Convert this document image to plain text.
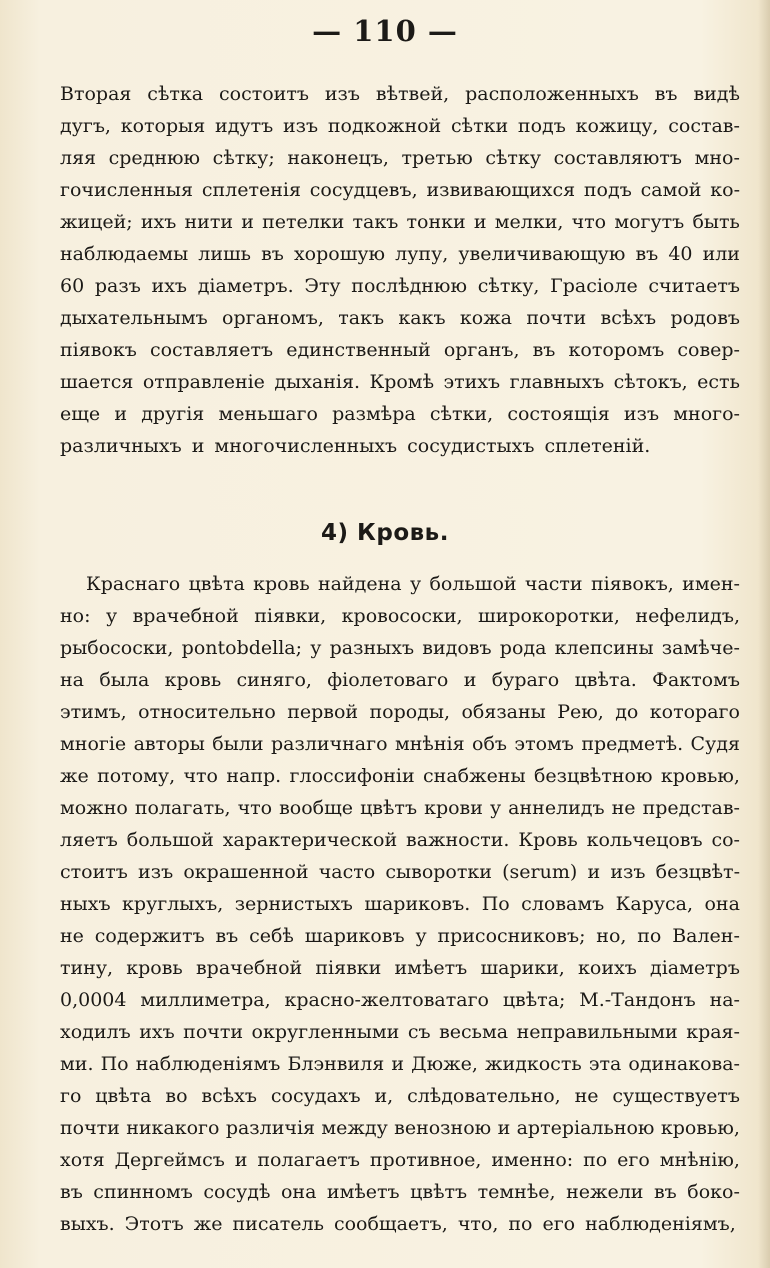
— 110 —
Вторая сѣтка состоитъ изъ вѣтвей, расположенныхъ въ видѣ
дугъ, которыя идутъ изъ подкожной сѣтки подъ кожицу, состав-
ляя среднюю сѣтку; наконецъ, третью сѣтку составляютъ мно-
гочисленныя сплетенія сосудцевъ, извивающихся подъ самой ко-
жицей; ихъ нити и петелки такъ тонки и мелки, что могутъ быть
наблюдаемы лишь въ хорошую лупу, увеличивающую въ 40 или
60 разъ ихъ діаметръ. Эту послѣднюю сѣтку, Грасіоле считаетъ
дыхательнымъ органомъ, такъ какъ кожа почти всѣхъ родовъ
піявокъ составляетъ единственный органъ, въ которомъ совер-
шается отправленіе дыханія. Кромѣ этихъ главныхъ сѣтокъ, есть
еще и другія меньшаго размѣра сѣтки, состоящія изъ много-
различныхъ и многочисленныхъ сосудистыхъ сплетеній.
4) Кровь.
Краснаго цвѣта кровь найдена у большой части піявокъ, имен-
но: у врачебной піявки, кровососки, широкоротки, нефелидъ,
рыбососки, pontobdella; у разныхъ видовъ рода клепсины замѣче-
на была кровь синяго, фіолетоваго и бураго цвѣта. Фактомъ
этимъ, относительно первой породы, обязаны Рею, до котораго
многіе авторы были различнаго мнѣнія объ этомъ предметѣ. Судя
же потому, что напр. глоссифоніи снабжены безцвѣтною кровью,
можно полагать, что вообще цвѣтъ крови у аннелидъ не представ-
ляетъ большой характерической важности. Кровь кольчецовъ со-
стоитъ изъ окрашенной часто сыворотки (serum) и изъ безцвѣт-
ныхъ круглыхъ, зернистыхъ шариковъ. По словамъ Каруса, она
не содержитъ въ себѣ шариковъ у присосниковъ; но, по Вален-
тину, кровь врачебной піявки имѣетъ шарики, коихъ діаметръ
0,0004 миллиметра, красно-желтоватаго цвѣта; М.-Тандонъ на-
ходилъ ихъ почти округленными съ весьма неправильными края-
ми. По наблюденіямъ Блэнвиля и Дюже, жидкость эта одинакова-
го цвѣта во всѣхъ сосудахъ и, слѣдовательно, не существуетъ
почти никакого различія между венозною и артеріальною кровью,
хотя Дергеймсъ и полагаетъ противное, именно: по его мнѣнію,
въ спинномъ сосудѣ она имѣетъ цвѣтъ темнѣе, нежели въ боко-
выхъ. Этотъ же писатель сообщаетъ, что, по его наблюденіямъ,
